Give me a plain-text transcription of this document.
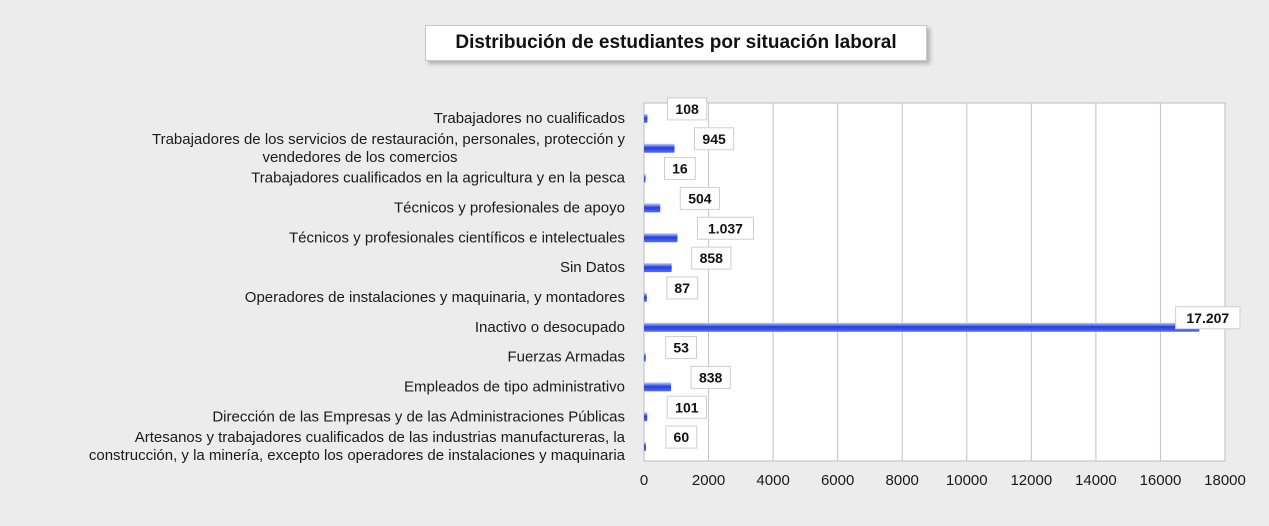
Distribución de estudiantes por situación laboral
108
Trabajadores no cualificados
945
Trabajadores de los servicios de restauración, personales, protección y
vendedores de los comercios
16
Trabajadores cualificados en la agricultura y en la pesca
504
Técnicos y profesionales de apoyo
1.037
Técnicos y profesionales científicos e intelectuales
858
Sin Datos
87
Operadores de instalaciones y maquinaria, y montadores
17.207
Inactivo o desocupado
53
Fuerzas Armadas
838
Empleados de tipo administrativo
101
Dirección de las Empresas y de las Administraciones Públicas
60
Artesanos y trabajadores cualificados de las industrias manufactureras, la
construcción, y la minería, excepto los operadores de instalaciones y maquinaria
0	2000 4000 6000 8000 10000 12000 14000 16000 18000
